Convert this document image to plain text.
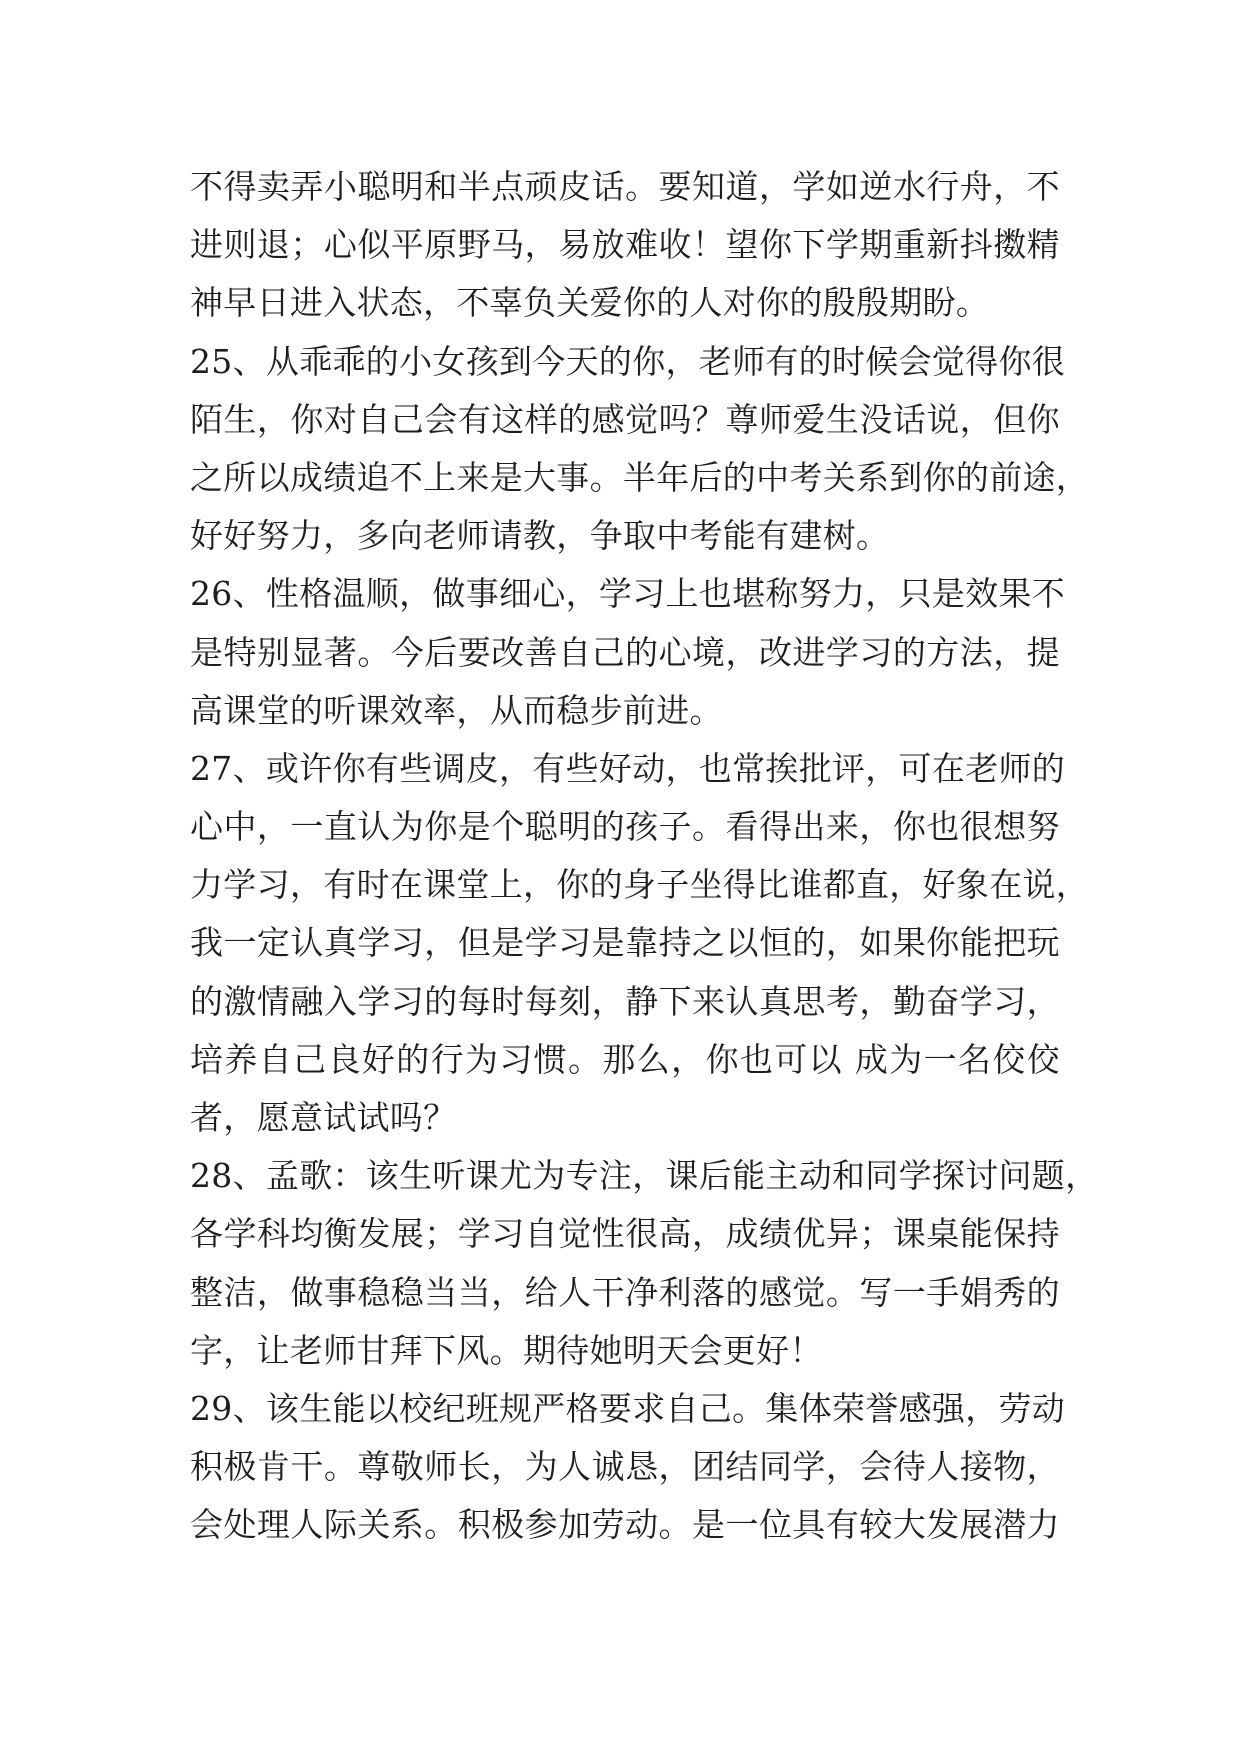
不得卖弄小聪明和半点顽皮话。要知道，学如逆水行舟，不
进则退；心似平原野马，易放难收！望你下学期重新抖擞精
神早日进入状态，不辜负关爱你的人对你的殷殷期盼。
25、从乖乖的小女孩到今天的你，老师有的时候会觉得你很
陌生，你对自己会有这样的感觉吗？尊师爱生没话说，但你
之所以成绩追不上来是大事。半年后的中考关系到你的前途，
好好努力，多向老师请教，争取中考能有建树。
26、性格温顺，做事细心，学习上也堪称努力，只是效果不
是特别显著。今后要改善自己的心境，改进学习的方法，提
高课堂的听课效率，从而稳步前进。
27、或许你有些调皮，有些好动，也常挨批评，可在老师的
心中，一直认为你是个聪明的孩子。看得出来，你也很想努
力学习，有时在课堂上，你的身子坐得比谁都直，好象在说，
我一定认真学习，但是学习是靠持之以恒的，如果你能把玩
的激情融入学习的每时每刻，静下来认真思考，勤奋学习，
培养自己良好的行为习惯。那么，你也可以 成为一名佼佼
者，愿意试试吗？
28、孟歌：该生听课尤为专注，课后能主动和同学探讨问题，
各学科均衡发展；学习自觉性很高，成绩优异；课桌能保持
整洁，做事稳稳当当，给人干净利落的感觉。写一手娟秀的
字，让老师甘拜下风。期待她明天会更好！
29、该生能以校纪班规严格要求自己。集体荣誉感强，劳动
积极肯干。尊敬师长，为人诚恳，团结同学，会待人接物，
会处理人际关系。积极参加劳动。是一位具有较大发展潜力
